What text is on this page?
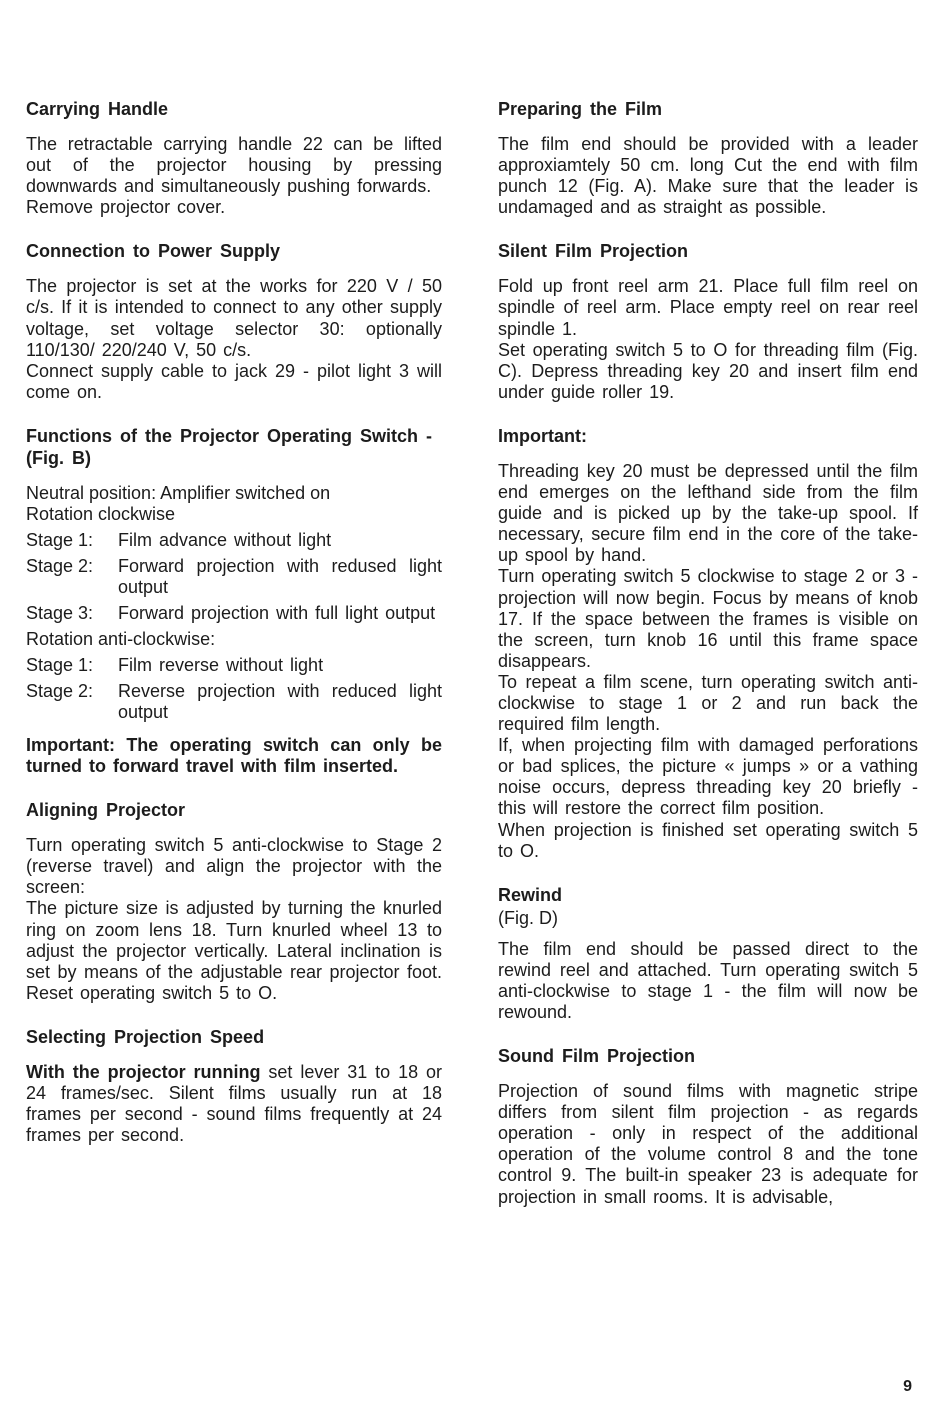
Carrying Handle

The retractable carrying handle 22 can be lifted out of the projector housing by pressing downwards and simultaneously pushing forwards.

Remove projector cover.

Connection to Power Supply

The projector is set at the works for 220 V / 50 c/s. If it is intended to connect to any other supply voltage, set voltage selector 30: optionally 110/130/ 220/240 V, 50 c/s.

Connect supply cable to jack 29 - pilot light 3 will come on.

Functions of the Projector Operating Switch - (Fig. B)
Neutral position: Amplifier switched on
Rotation clockwise
Stage 1:	Film advance without light
Stage 2:	Forward projection with redused light output
Stage 3:	Forward projection with full light output
Rotation anti-clockwise:
Stage 1:	Film reverse without light
Stage 2:	Reverse projection with reduced light output

Important: The operating switch can only be turned to forward travel with film inserted.

Aligning Projector

Turn operating switch 5 anti-clockwise to Stage 2 (reverse travel) and align the projector with the screen:

The picture size is adjusted by turning the knurled ring on zoom lens 18. Turn knurled wheel 13 to adjust the projector vertically. Lateral inclination is set by means of the adjustable rear projector foot. Reset operating switch 5 to O.

Selecting Projection Speed

With the projector running set lever 31 to 18 or 24 frames/sec. Silent films usually run at 18 frames per second - sound films frequently at 24 frames per second.

Preparing the Film

The film end should be provided with a leader approxiamtely 50 cm. long Cut the end with film punch 12 (Fig. A). Make sure that the leader is undamaged and as straight as possible.

Silent Film Projection

Fold up front reel arm 21. Place full film reel on spindle of reel arm. Place empty reel on rear reel spindle 1.

Set operating switch 5 to O for threading film (Fig. C). Depress threading key 20 and insert film end under guide roller 19.

Important:

Threading key 20 must be depressed until the film end emerges on the lefthand side from the film guide and is picked up by the take-up spool. If necessary, secure film end in the core of the take-up spool by hand.

Turn operating switch 5 clockwise to stage 2 or 3 - projection will now begin. Focus by means of knob 17. If the space between the frames is visible on the screen, turn knob 16 until this frame space disappears.

To repeat a film scene, turn operating switch anti-clockwise to stage 1 or 2 and run back the required film length.

If, when projecting film with damaged perforations or bad splices, the picture « jumps » or a vathing noise occurs, depress threading key 20 briefly - this will restore the correct film position.

When projection is finished set operating switch 5 to O.

Rewind
(Fig. D)

The film end should be passed direct to the rewind reel and attached. Turn operating switch 5 anti-clockwise to stage 1 - the film will now be rewound.

Sound Film Projection

Projection of sound films with magnetic stripe differs from silent film projection - as regards operation - only in respect of the additional operation of the volume control 8 and the tone control 9. The built-in speaker 23 is adequate for projection in small rooms. It is advisable,

9
